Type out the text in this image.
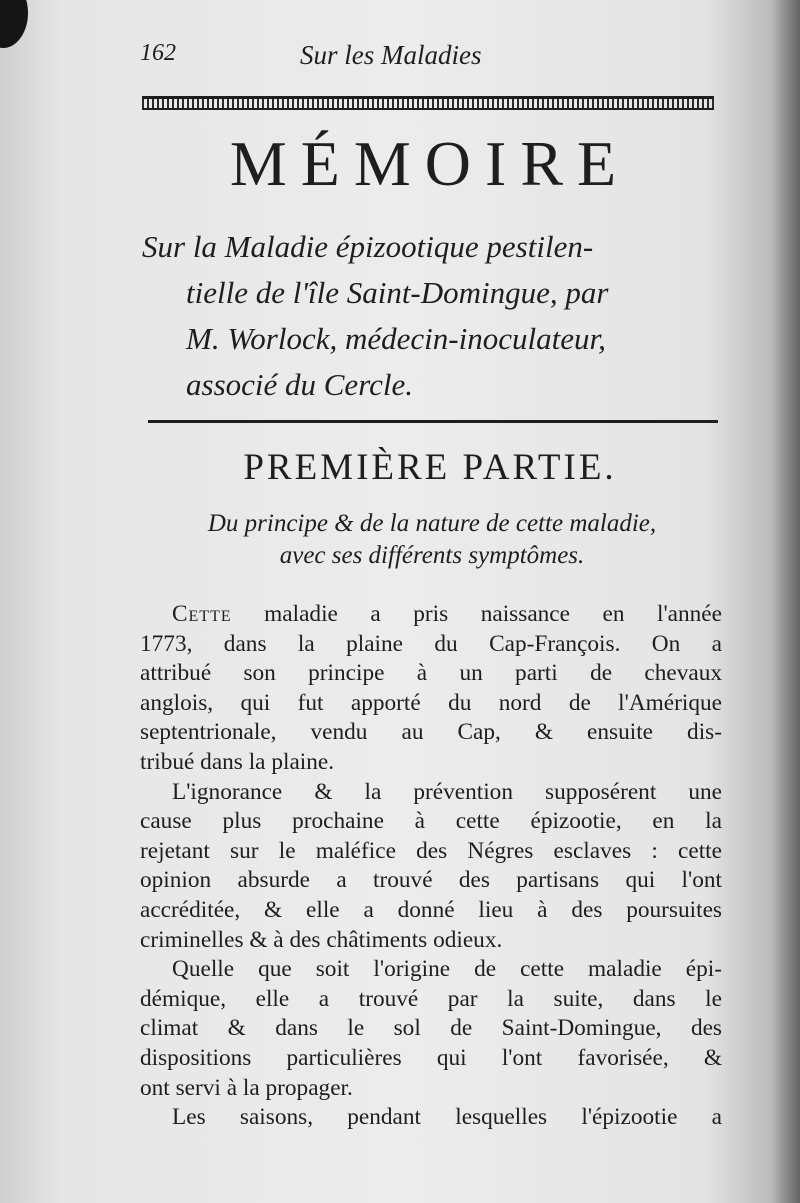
162	Sur les Maladies
MÉMOIRE
Sur la Maladie épizootique pestilen-
tielle de l'île Saint-Domingue, par
M. Worlock, médecin-inoculateur,
associé du Cercle.
PREMIÈRE PARTIE.
Du principe & de la nature de cette maladie,
avec ses différents symptômes.
Cette maladie a pris naissance en l'année
1773, dans la plaine du Cap-François. On a
attribué son principe à un parti de chevaux
anglois, qui fut apporté du nord de l'Amérique
septentrionale, vendu au Cap, & ensuite dis-
tribué dans la plaine.
L'ignorance & la prévention supposérent une
cause plus prochaine à cette épizootie, en la
rejetant sur le maléfice des Négres esclaves : cette
opinion absurde a trouvé des partisans qui l'ont
accréditée, & elle a donné lieu à des poursuites
criminelles & à des châtiments odieux.
Quelle que soit l'origine de cette maladie épi-
démique, elle a trouvé par la suite, dans le
climat & dans le sol de Saint-Domingue, des
dispositions particulières qui l'ont favorisée, &
ont servi à la propager.
Les saisons, pendant lesquelles l'épizootie a
